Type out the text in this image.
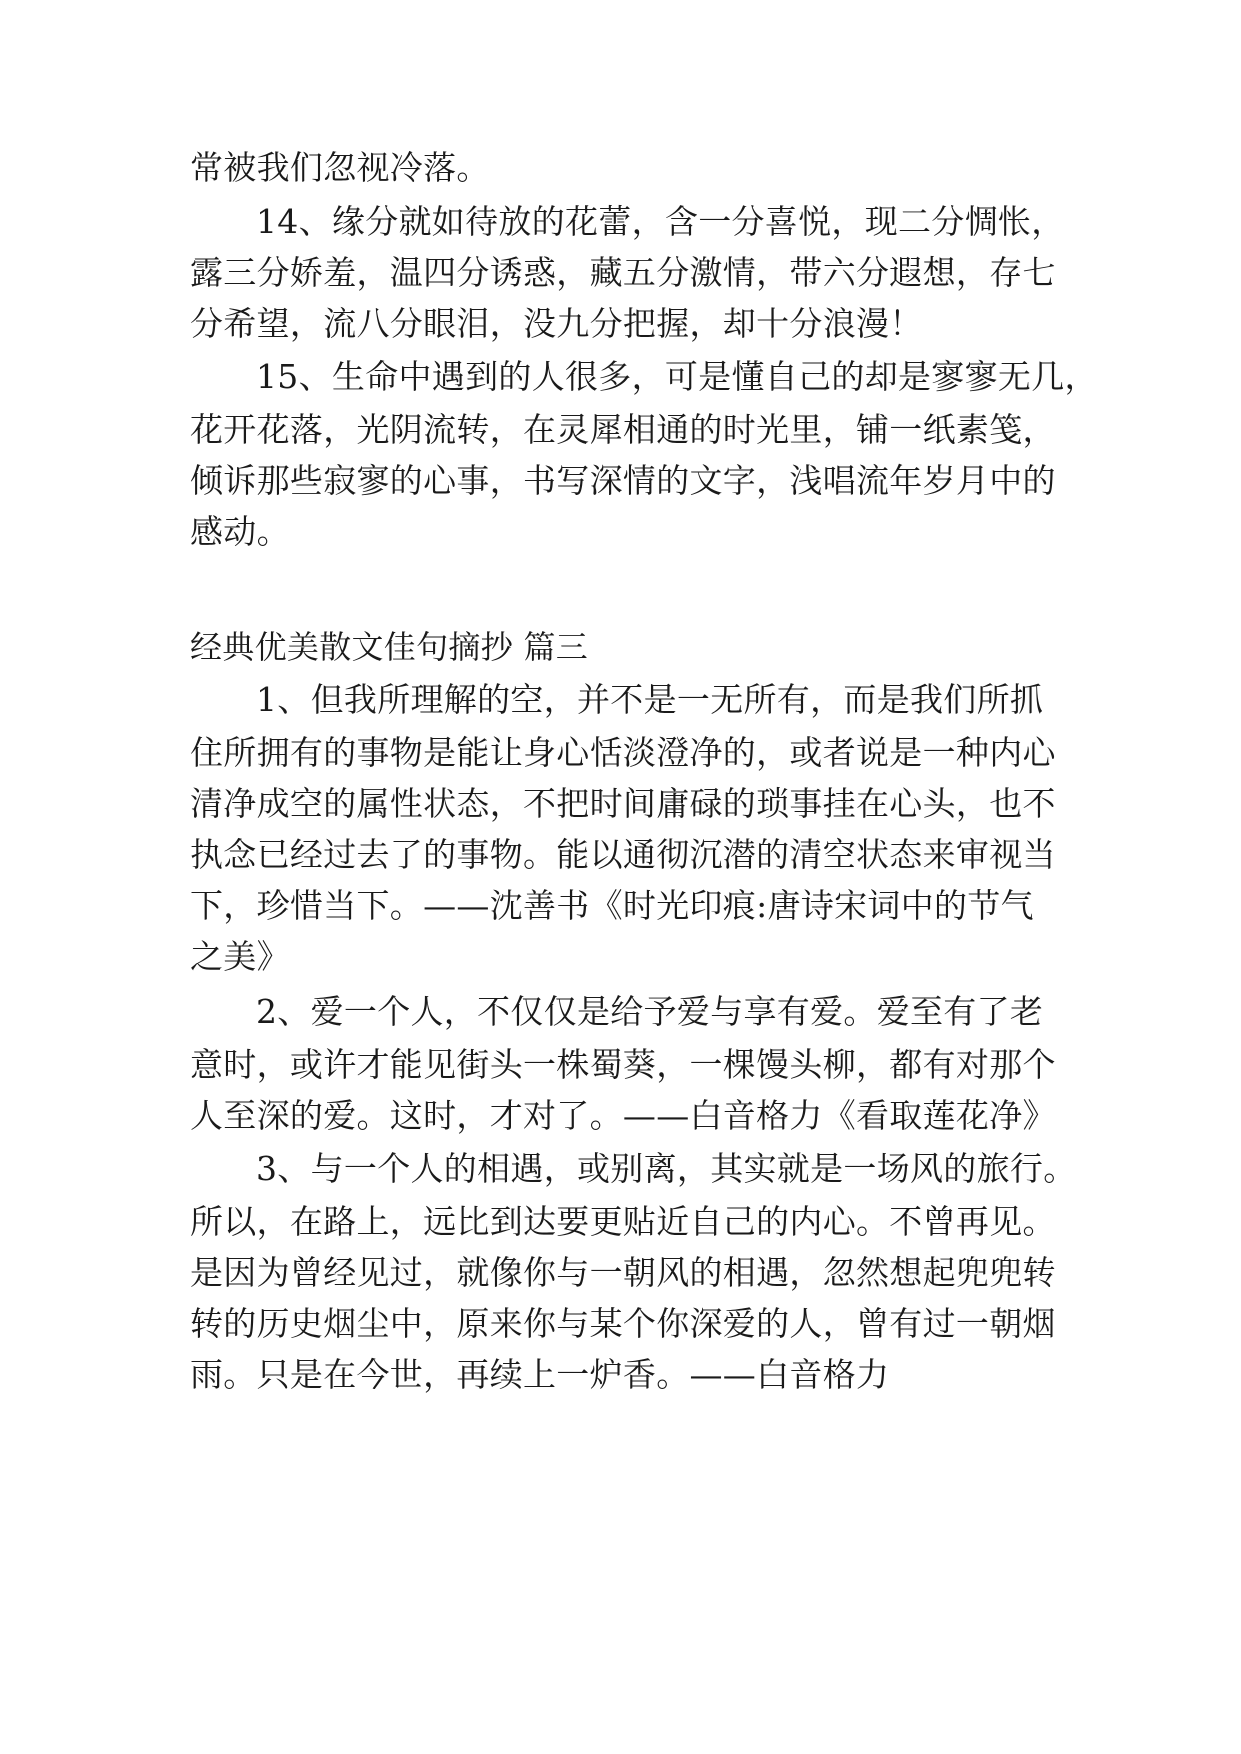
常被我们忽视冷落。
14、缘分就如待放的花蕾，含一分喜悦，现二分惆怅，
露三分娇羞，温四分诱惑，藏五分激情，带六分遐想，存七
分希望，流八分眼泪，没九分把握，却十分浪漫！
15、生命中遇到的人很多，可是懂自己的却是寥寥无几，
花开花落，光阴流转，在灵犀相通的时光里，铺一纸素笺，
倾诉那些寂寥的心事，书写深情的文字，浅唱流年岁月中的
感动。
经典优美散文佳句摘抄 篇三
1、但我所理解的空，并不是一无所有，而是我们所抓
住所拥有的事物是能让身心恬淡澄净的，或者说是一种内心
清净成空的属性状态，不把时间庸碌的琐事挂在心头，也不
执念已经过去了的事物。能以通彻沉潜的清空状态来审视当
下，珍惜当下。——沈善书《时光印痕:唐诗宋词中的节气
之美》
2、爱一个人，不仅仅是给予爱与享有爱。爱至有了老
意时，或许才能见街头一株蜀葵，一棵馒头柳，都有对那个
人至深的爱。这时，才对了。——白音格力《看取莲花净》
3、与一个人的相遇，或别离，其实就是一场风的旅行。
所以，在路上，远比到达要更贴近自己的内心。不曾再见。
是因为曾经见过，就像你与一朝风的相遇，忽然想起兜兜转
转的历史烟尘中，原来你与某个你深爱的人，曾有过一朝烟
雨。只是在今世，再续上一炉香。——白音格力
